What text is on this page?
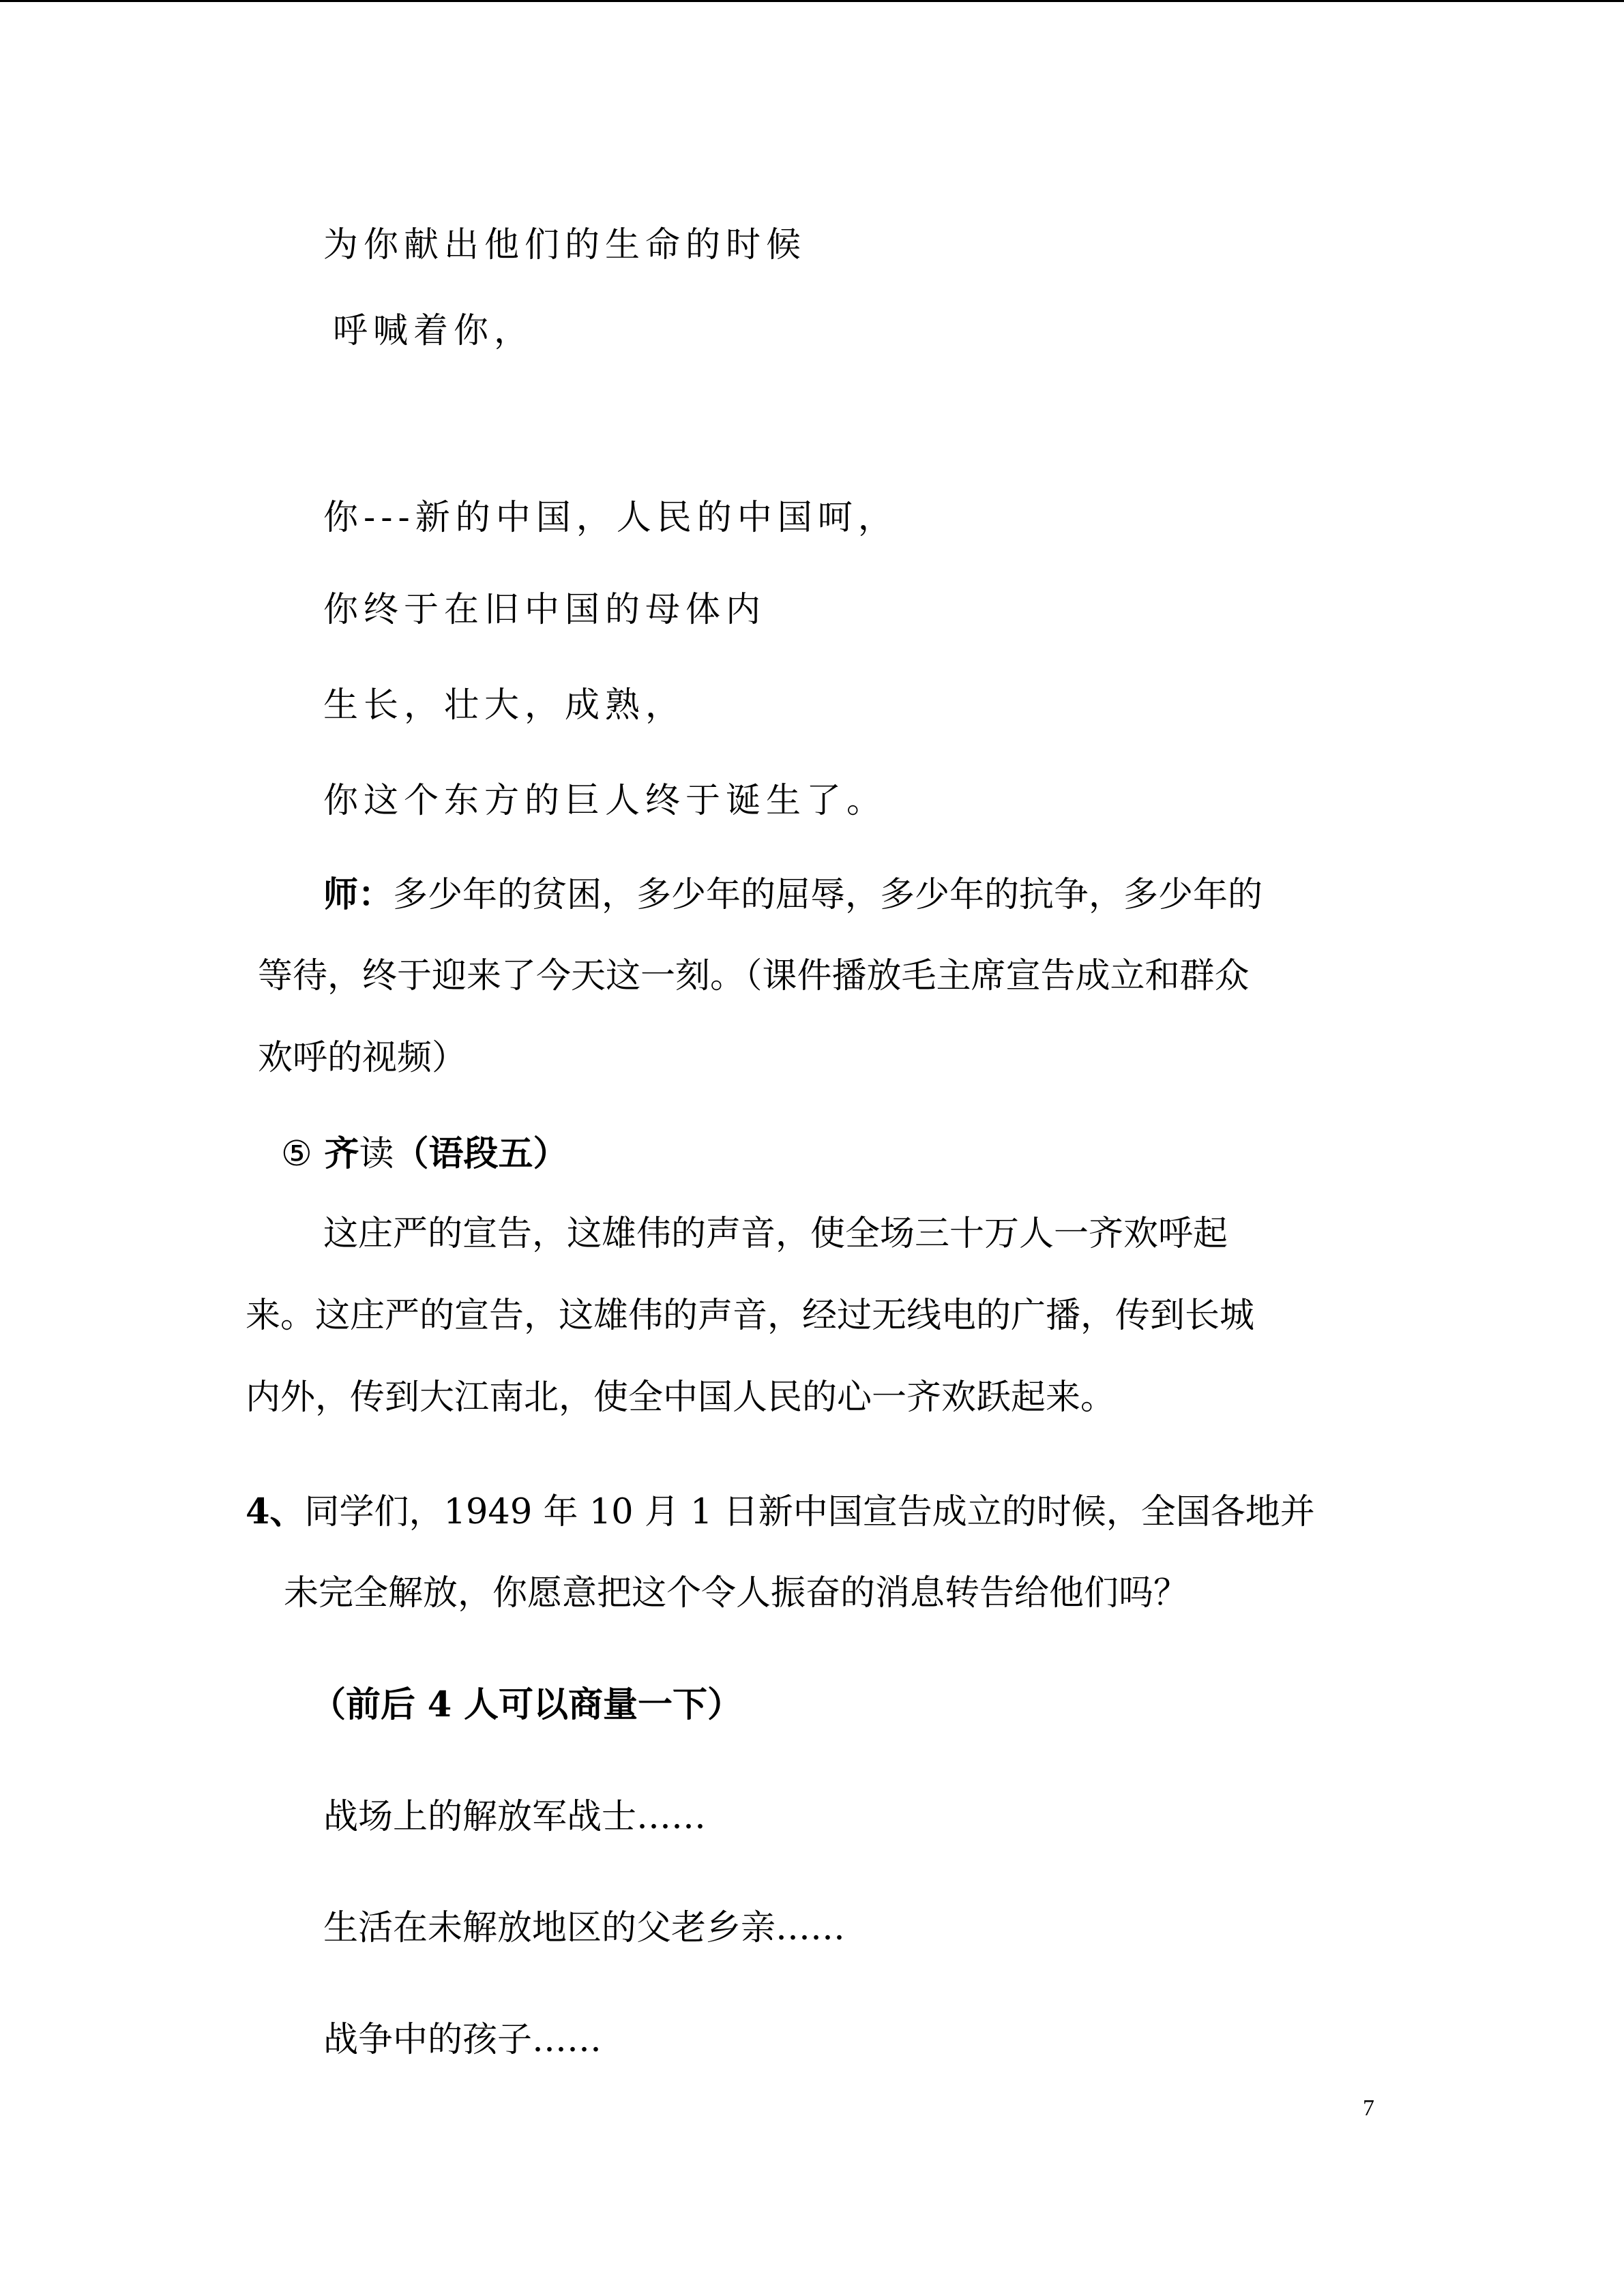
为你献出他们的生命的时候
呼喊着你，
你---新的中国，人民的中国呵，
你终于在旧中国的母体内
生长，壮大，成熟，
你这个东方的巨人终于诞生了。
师：多少年的贫困，多少年的屈辱，多少年的抗争，多少年的
等待，终于迎来了今天这一刻。（课件播放毛主席宣告成立和群众
欢呼的视频）
⑤ 齐读（语段五）
这庄严的宣告，这雄伟的声音，使全场三十万人一齐欢呼起
来。这庄严的宣告，这雄伟的声音，经过无线电的广播，传到长城
内外，传到大江南北，使全中国人民的心一齐欢跃起来。
4、同学们，1949 年 10 月 1 日新中国宣告成立的时候，全国各地并
未完全解放，你愿意把这个令人振奋的消息转告给他们吗？
（前后 4 人可以商量一下）
战场上的解放军战士……
生活在未解放地区的父老乡亲……
战争中的孩子……
7
